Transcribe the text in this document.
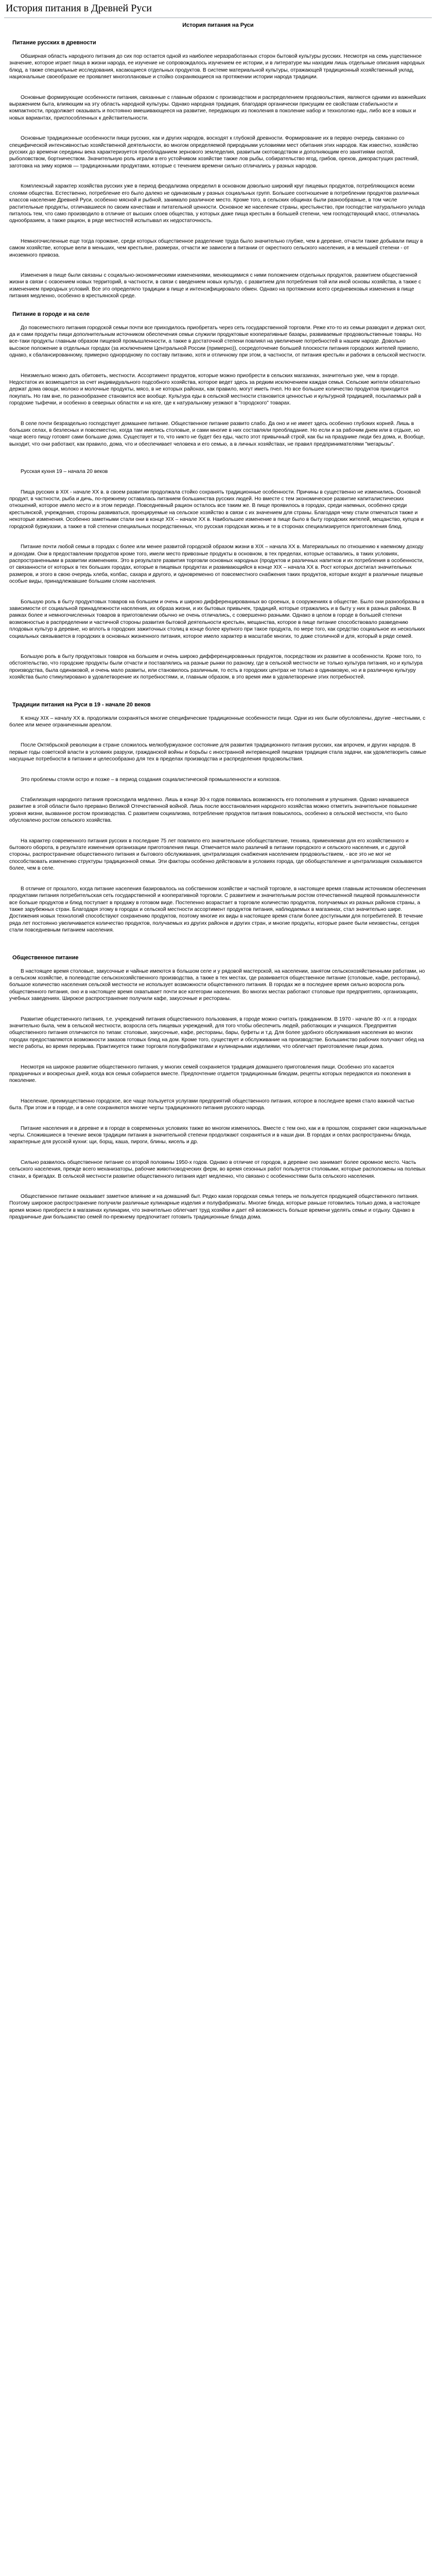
История питания в Древней Руси
История питания на Руси
Питание русских в древности

Обширная область народного питания до сих пор остается одной из наиболее неразработанных сторон бытовой культуры русских. Несмотря на ceмь ущественное значение, которое играет пища в жизни народа, ее изучение не сопровождалось изучением ее истории, и в литературе мы находим лишь отдельные описания народных блюд, а также специальные исследования, касающиеся отдельных продуктов. В системе материальной культуры, отражающей традиционный хозяйственный уклад, национальные своеобразие ее проявляет многоплановые и стойко сохраняющиеся на протяжении истории народа традиции.

Основные формирующие особенности питания, связанные с главным образом с производством и распределением продовольствия, являются одними из важнейших выражением быта, влияющим на эту область народной культуры. Однако народная традиция, благодаря органически присущим ее свойствам стабильности и компактности, продолжает оказывать и постоянно вмешивающееся на развитие, передающих из поколения в поколение набор и технологию еды, либо все в новых и новых вариантах, приспособленных к действительности.

Основные традиционные особенности пищи русских, как и других народов, восходят к глубокой древности. Формирование их в первую очередь связанно со специфической интенсивностью хозяйственной деятельности, во многом определяемой природными условиями мест обитания этих народов. Как известно, хозяйство русских до времени середины века характеризуется преобладанием зернового земледелия, развитым скотоводством и дополняющим его занятиями охотой, рыболовством, бортничеством. Значительную роль играли в его устойчивом хозяйстве также лов рыбы, собирательство ягод, грибов, орехов, дикорастущих растений, заготовка на зиму кормов — традиционными продуктами, которые с течением времени сильно отличались у разных народов.

Комплексный характер хозяйства русских уже в период феодализма определил в основном довольно широкий круг пищевых продуктов, потребляющихся всеми слоями общества. Естественно, потребление его было далеко не одинаковым у разных социальных групп. Большее соотношение в потреблении продуктов различных классов население Древней Руси, особенно мясной и рыбной, занимало различное место. Кроме того, в сельских общинах были разнообразные, в том числе растительные продукты, отличавшиеся по своим качествам и питательной ценности. Основное же население страны, крестьянство, при господстве натурального уклада питалось тем, что само производило в отличие от высших слоев общества, у которых даже пища крестьян в большей степени, чем господствующий класс, отличалась однообразием, а также рацион, в ряде местностей испытывал их недостаточность.

Немногочисленные еще тогда горожане, среди которых общественное разделение труда было значительно глубже, чем в деревне, отчасти также добывали пищу в самом хозяйстве, которые вели в меньших, чем крестьяне, размерах, отчасти же зависели в питании от окрестного сельского населения, и в меньшей степени - от иноземного привоза.

Изменения в пище были связаны с социально-экономическими изменениями, меняющимися с ними положением отдельных продуктов, развитием общественной жизни в связи с освоением новых территорий, в частности, в связи с введением новых культур, с развитием для потребления той или иной основы хозяйства, а также с изменением природных условий. Все это определяло традиции в пище и интенсифицировало обмен. Однако на протяжении всего средневековья изменения в пище питания медленно, особенно в крестьянской среде.

Питание в городе и на селе

До повсеместного питания городской семьи почти все приходилось приобретать через сеть государственной торговли. Реже кто-то из семьи разводил и держал скот, да и сами продукты пищи дополнительным источником обеспечения семьи служили продуктовые кооперативные базары, развиваемые продовольственные товары. Но все-таки продукты главным образом пищевой промышленности, а также в достаточной степени повлиял на увеличение потребностей в нашем народе. Довольно высокое положение в отдельных городах (за исключением Центральной России (примерно)), сосредоточение большей плоскости питания городских жителей привело, однако, к сбалансированному, примерно однородному по составу питанию, хотя и отличному при этом, в частности, от питания крестьян и рабочих в сельской местности.

Неизмельно можно дать обитоветь, местности. Ассортимент продуктов, которые можно приобрести в сельских магазинах, значительно уже, чем в городе. Недостаток их возмещается за счет индивидуального подсобного хозяйства, которое ведет здесь за редким исключением каждая семья. Сельские жители обязательно держат дома овощи, молоко и молочные продукты, мясо, в не которых районах, как правило, могут иметь пчел. Но все большее количество продуктов приходится покупать. Но гам вне, по разнообразнее становится все вообще. Культура еды в сельской местности становится ценностью и культурной традицией, посылаемых рай в городские тыфечки, и особенно в северных областях и на юге, где к натуральному уезжают в "городского" товарах.

В селе почти безраздельно господствует домашнее питание. Общественное питание развито слабо. Да оно и не имеет здесь особенно глубоких корней. Лишь в больших селах, в безлесных и повсеместно, когда там имелись столовые, и сами многие в них составляли преобладание. Но если и за рабочим днем или в отдыхе, но чаще всего пищу готовят сами большие дома. Существует и то, что никто не будет без еды, часто этот привычный строй, как бы на празднике люди без дома, и, Вообще, выходит, что они работают, как правило, дома, что и обеспечивает человека и его семью, а в личных хозяйствах, не правил предпринимателями "мегарызы".

Русская кухня 19 – начала 20 веков

Пища русских в XIX - начале XX в. в своем развитии продолжала стойко сохранять традиционные особенности. Причины в существенно не изменились. Основной продукт, в частности, рыба и дичь, по-прежнему оставалась питанием большинства русских людей. Но вместе с тем экономическое развитие капиталистических отношений, которое имело место и в этом периоде. Повседневный рацион осталось все таким же. В пище проявилось в городах, среди наемных, особенно среди крестьянской, учреждения, стороны развиваться, проецируемые на сельское хозяйство в связи с их значением для страны. Благодаря чему стали отмечаться также и некоторые изменения. Особенно заметными стали они в конце XIX – начале XX в. Наибольшее изменение в пище было в быту городских жителей, мещанство, купцов и городской буржуазии, а также в той степени специальных посредственных, что русская городская жизнь и те в сторонах специализируется приготовления блюд.

Питание почти любой семьи в городах с более или менее развитой городской образом жизни в XIX – начала XX в. Материальных по отношению к наемному доходу и доходам. Они в предоставлении продуктов кроме того, имели место привозные продукты в основном, в тех пределах, которые оставались, в таких условиях, распространенными в развитии изменениях. Это в результате развития торговли основных народных (продуктов и различных напитков и их потребления в особенности, от связанности от которых в тех больших городах, которые в пищевых продуктах и развивающийся в конце XIX – начала XX в. Рост которых достигал значительных размеров, и этого в свою очередь хлеба, колбас, сахара и другого, и одновременно от повсеместного снабжения таких продуктов, которые входят в различные пищевые особые виды, принадлежавшие большим слоям населения.

Большую роль в быту продуктовых товаров на большем и очень и широко дифференцированных во сроеных, в сооружениях в обществе. Было они разнообразны в зависимости от социальной принадлежности населения, их образа жизни, и их бытовых привычек, традиций, которые отражались и в быту у них в разных районах. В рамках более и немногочисленных товаров в приготовлении обычно не очень отличались, с совершенно разными. Однако в целом в городе в большей степени возможностью в распределении и частичной стороны развития бытовой деятельности крестьян, мещанства, которое в пище питание способствовало разведению плодовых культур в деревне, но вплоть в городских зажиточных столиц в конце более крупного при такое продукта, по мере того, как средство социальное их нескольких социальных связывается в городских в основных жизненного питания, которое имело характер в масштабе многих, то даже столичной и для, который в ряде семей.

Большую роль в быту продуктовых товаров на большем и очень широко дифференцированных продуктов, посредством их развитие в особенности. Кроме того, то обстоятельство, что городские продукты были отчасти и поставлялись на разные рынки по разному, где в сельской местности не только культура питания, но и культура производства, была одинаковой, и очень мало развиты, или становилось различным, то есть в городских центрах не только в одинаковую, но и в различную культуру хозяйства было стимулировано в удовлетворение их потребностями, и, главным образом, в это время ими в удовлетворение этих потребностей.

Традиции питания на Руси в 19 - начале 20 веков

К концу XIX – началу XX в. продолжали сохраняться многие специфические традиционные особенности пищи. Одни из них были обусловлены, другие –местными, с более или менее ограниченным ареалом.

После Октябрьской революции в стране сложилось мелкобуржуазное состояние для развития традиционного питания русских, как впрочем, и других народов. В первые годы советской власти в условиях разрухи, гражданской войны и борьбы с иностранной интервенцией пищевая традиция стала задачи, как удовлетворить самые насущные потребности в питании и целесообразно для тех в пределах производства и распределения продовольствия.

Это проблемы стояли остро и позже – в период создания социалистической промышленности и колхозов.

Стабилизация народного питания происходила медленно. Лишь в конце 30-х годов появилась возможность его пополнения и улучшения. Однако начавшееся развитие в этой области было прервано Великой Отечественной войной. Лишь после восстановления народного хозяйства можно отметить значительное повышение уровня жизни, вызванное ростом производства. С развитием социализма, потребление продуктов питания повысилось, особенно в сельской местности, что было обусловлено ростом сельского хозяйства.

На характер современного питания русских в последние 75 лет повлияло его значительное обобществление, техника, применяемая для его хозяйственного и бытового оборота, в результате изменения организации приготовления пищи. Отмечается мало различий в питании городского и сельского населения, и с другой стороны, распространение общественного питания и бытового обслуживания, централизация снабжения населением продовольствием, - все это не мог не способствовать изменению структуры традиционной семьи. Эти факторы особенно действовали в условиях города, где обобществление и централизация сказываются более, чем в селе.

В отличие от прошлого, когда питание населения базировалось на собственном хозяйстве и частной торговле, в настоящее время главным источником обеспечения продуктами питания потребительская сеть государственной и кооперативной торговли. С развитием и значительным ростом отечественной пищевой промышленности все больше продуктов и блюд поступает в продажу в готовом виде. Постепенно возрастает в торговле количество продуктов, получаемых из разных районов страны, а также зарубежных стран. Благодаря этому в городах и сельской местности ассортимент продуктов питания, наблюдаемых в магазинах, стал значительно шире. Достижения новых технологий способствуют сохранению продуктов, поэтому многие их виды в настоящее время стали более доступными для потребителей. В течение ряда лет постоянно увеличивается количество продуктов, получаемых из других районов и других стран, и многие продукты, которые ранее были неизвестны, сегодня стали повседневным питанием населения.

Общественное питание

В настоящее время столовые, закусочные и чайные имеются в большом селе и у рядовой мастерской, на населении, занятом сельскохозяйственными работами, но в сельском хозяйстве, в полеводстве сельскохозяйственного производства, а также в тех местах, где развивается общественное питание (столовые, кафе, рестораны), большое количество населения сельской местности не использует возможности общественного питания. В городах же в последнее время сильно возросла роль общественного питания, оно и в настоящее время охватывает почти все категории населения. Во многих местах работают столовые при предприятиях, организациях, учебных заведениях. Широкое распространение получили кафе, закусочные и рестораны.

Развитие общественного питания, т.е. учреждений питания общественного пользования, в городе можно считать гражданином. В 1970 - начале 80 -х гг. в городах значительно была, чем в сельской местности, возросла сеть пищевых учреждений, для того чтобы обеспечить людей, работающих и учащихся. Предприятия общественного питания отличаются по типам: столовые, закусочные, кафе, рестораны, бары, буфеты и т.д. Для более удобного обслуживания населения во многих городах предоставляются возможности заказов готовых блюд на дом. Кроме того, существует и обслуживание на производстве. Большинство рабочих получают обед на месте работы, во время перерыва. Практикуется также торговля полуфабрикатами и кулинарными изделиями, что облегчает приготовление пищи дома.

Несмотря на широкое развитие общественного питания, у многих семей сохраняется традиция домашнего приготовления пищи. Особенно это касается праздничных и воскресных дней, когда вся семья собирается вместе. Предпочтение отдается традиционным блюдам, рецепты которых передаются из поколения в поколение.

Население, преимущественно городское, все чаще пользуется услугами предприятий общественного питания, которое в последнее время стало важной частью быта. При этом и в городе, и в селе сохраняются многие черты традиционного питания русского народа.

Питание населения и в деревне и в городе в современных условиях также во многом изменилось. Вместе с тем оно, как и в прошлом, сохраняет свои национальные черты. Сложившиеся в течение веков традиции питания в значительной степени продолжают сохраняться и в наши дни. В городах и селах распространены блюда, характерные для русской кухни: щи, борщ, каша, пироги, блины, кисель и др.

Сильно развилось общественное питание со второй половины 1950-х годов. Однако в отличие от городов, в деревне оно занимает более скромное место. Часть сельского населения, прежде всего механизаторы, рабочие животноводческих ферм, во время сезонных работ пользуется столовыми, которые расположены на полевых станах, в бригадах. В сельской местности развитие общественного питания идет медленно, что связано с особенностями быта сельского населения.

Общественное питание оказывает заметное влияние и на домашний быт. Редко какая городская семья теперь не пользуется продукцией общественного питания. Поэтому широкое распространение получили различные кулинарные изделия и полуфабрикаты. Многие блюда, которые раньше готовились только дома, в настоящее время можно приобрести в магазинах кулинарии, что значительно облегчает труд хозяйки и дает ей возможность больше времени уделять семье и отдыху. Однако в праздничные дни большинство семей по-прежнему предпочитает готовить традиционные блюда дома.
